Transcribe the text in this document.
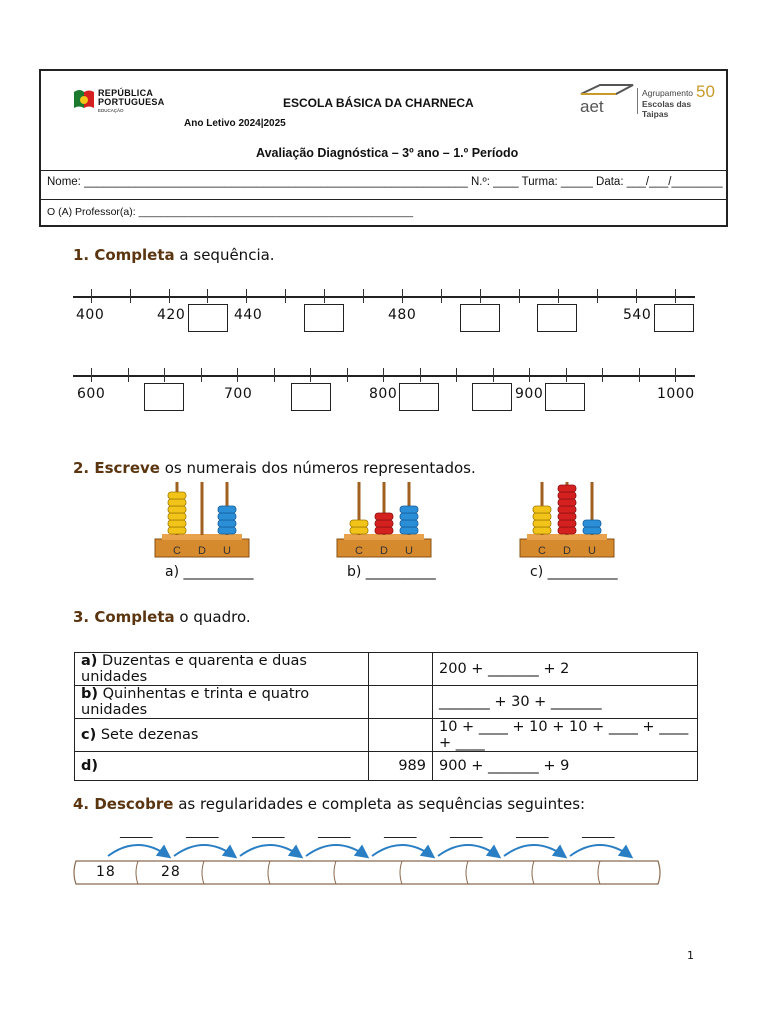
REPÚBLICA
PORTUGUESA
EDUCAÇÃO
ESCOLA BÁSICA DA CHARNECA
Ano Letivo 2024|2025
aet
Agrupamento 50
Escolas das Taipas
Avaliação Diagnóstica – 3º ano – 1.º Período
Nome: ____________________________________________________________ N.º: ____ Turma: _____ Data: ___/___/________
O (A) Professor(a): _______________________________________________
1. Completa a sequência.
400	420	440	480	540
600	700	800	900	1000
2. Escreve os numerais dos números representados.
C D U	C D U	C D U
a) __________	b) __________	c) __________
3. Completa o quadro.
a) Duzentas e quarenta e duas unidades		200 + _______ + 2
b) Quinhentas e trinta e quatro unidades		_______ + 30 + _______
c) Sete dezenas		10 + ____ + 10 + 10 + ____ + ____ + ____
d)	989	900 + _______ + 9
4. Descobre as regularidades e completa as sequências seguintes:
_____	_____	_____	_____	_____	_____	_____	_____
18	28
1
